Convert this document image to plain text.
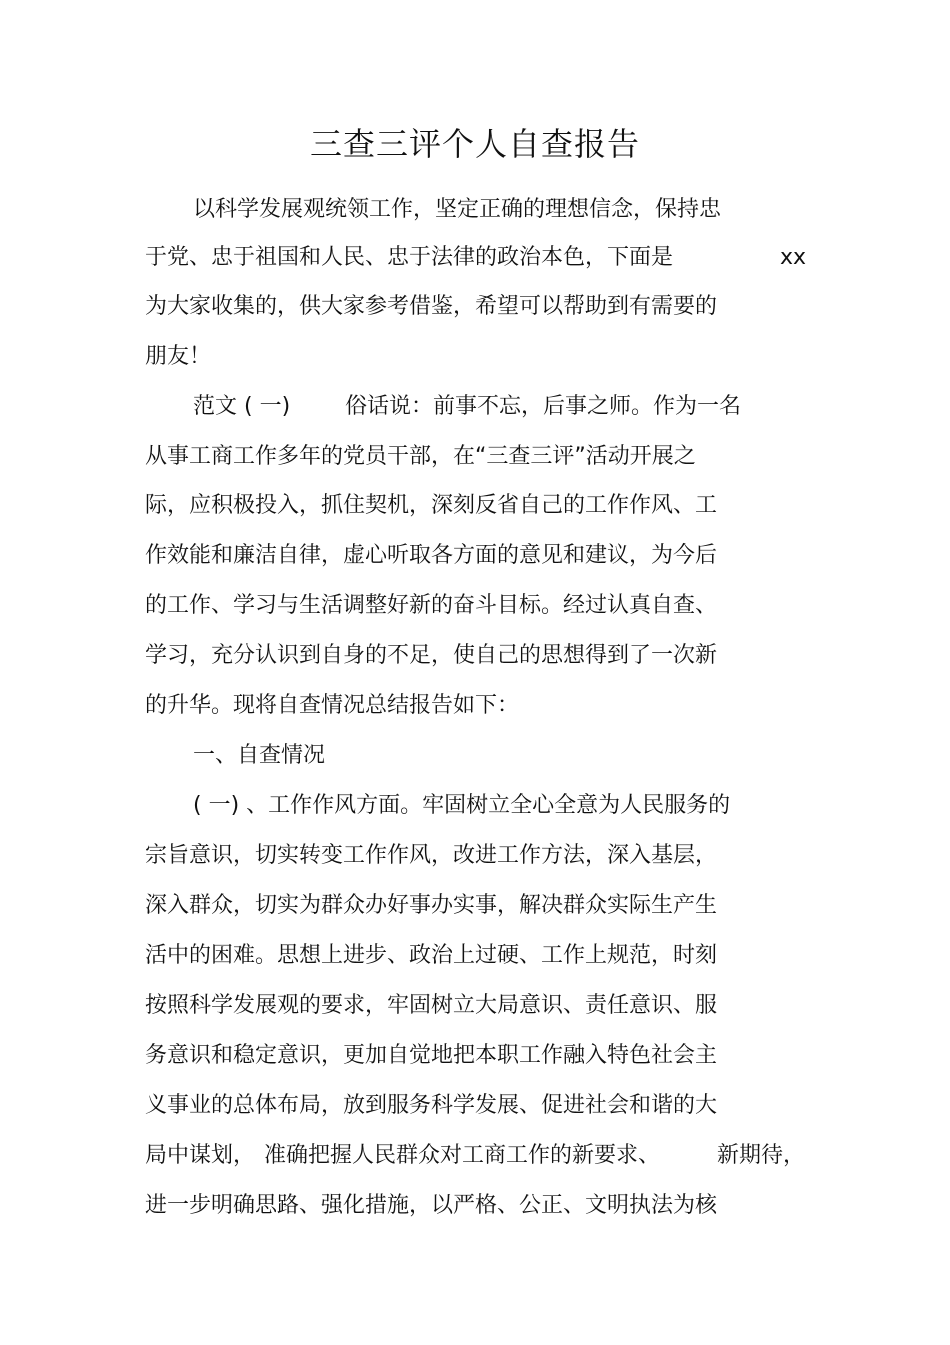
三查三评个人自查报告
以科学发展观统领工作，坚定正确的理想信念，保持忠
于党、忠于祖国和人民、忠于法律的政治本色，下面是	xx
为大家收集的，供大家参考借鉴，希望可以帮助到有需要的
朋友！
范文 ( 一) 俗话说：前事不忘，后事之师。作为一名
从事工商工作多年的党员干部，在“三查三评”活动开展之
际，应积极投入，抓住契机，深刻反省自己的工作作风、工
作效能和廉洁自律，虚心听取各方面的意见和建议，为今后
的工作、学习与生活调整好新的奋斗目标。经过认真自查、
学习，充分认识到自身的不足，使自己的思想得到了一次新
的升华。现将自查情况总结报告如下：
一、自查情况
( 一) 、工作作风方面。牢固树立全心全意为人民服务的
宗旨意识，切实转变工作作风，改进工作方法，深入基层，
深入群众，切实为群众办好事办实事，解决群众实际生产生
活中的困难。思想上进步、政治上过硬、工作上规范，时刻
按照科学发展观的要求，牢固树立大局意识、责任意识、服
务意识和稳定意识，更加自觉地把本职工作融入特色社会主
义事业的总体布局，放到服务科学发展、促进社会和谐的大
局中谋划， 准确把握人民群众对工商工作的新要求、	新期待，
进一步明确思路、强化措施，以严格、公正、文明执法为核
